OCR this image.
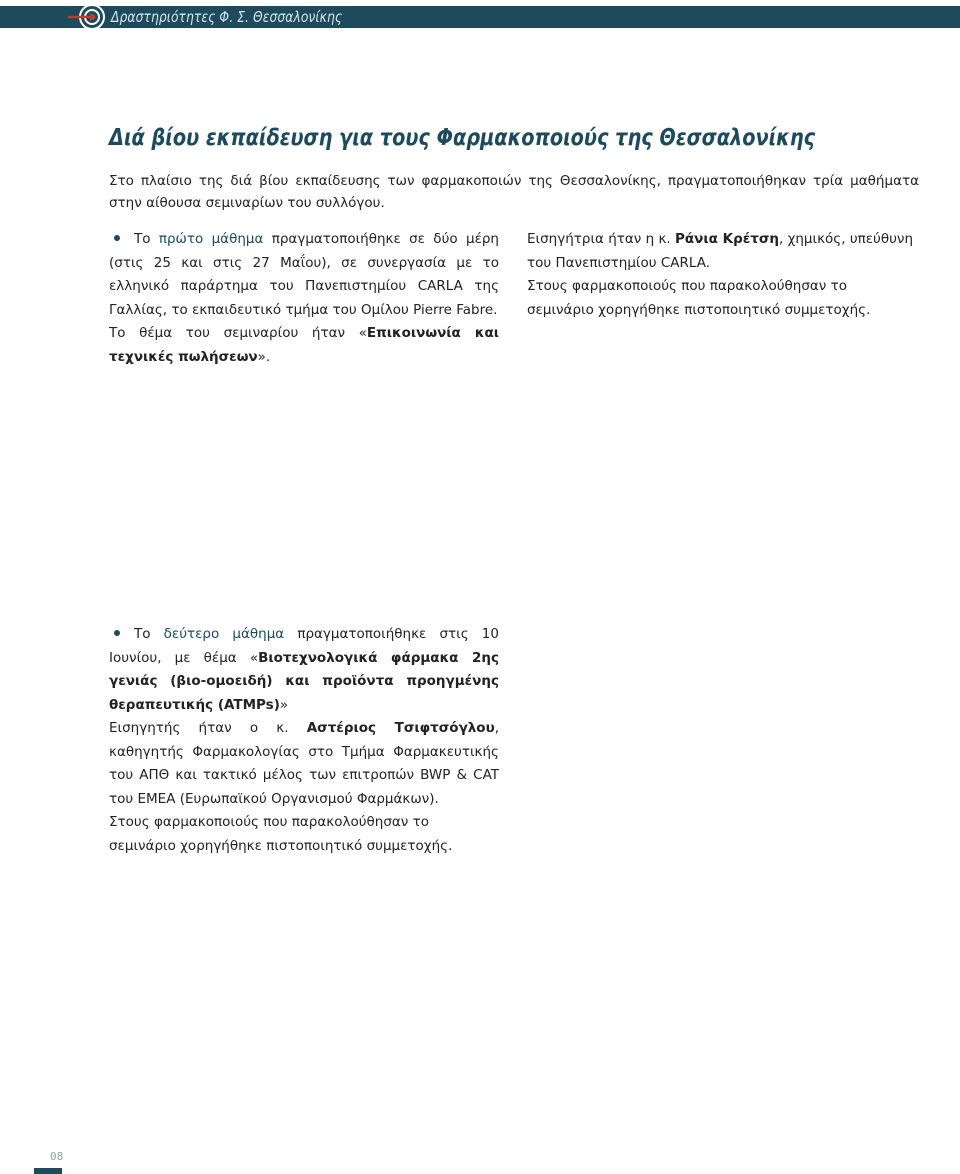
Δραστηριότητες Φ. Σ. Θεσσαλονίκης
Διά βίου εκπαίδευση για τους Φαρμακοποιούς της Θεσσαλονίκης

Στο πλαίσιο της διά βίου εκπαίδευσης των φαρμακοποιών της Θεσσαλονίκης, πραγματοποιήθηκαν τρία μαθήματα στην αίθουσα σεμιναρίων του συλλόγου.

Το πρώτο μάθημα πραγματοποιήθηκε σε δύο μέρη (στις 25 και στις 27 Μαΐου), σε συνεργασία με το ελληνικό παράρτημα του Πανεπιστημίου CARLA της Γαλλίας, το εκπαιδευτικό τμήμα του Ομίλου Pierre Fabre.

Το θέμα του σεμιναρίου ήταν «Επικοινωνία και τεχνικές πωλήσεων».

Εισηγήτρια ήταν η κ. Ράνια Κρέτση, χημικός, υπεύθυνη του Πανεπιστημίου CARLA.

Στους φαρμακοποιούς που παρακολούθησαν το σεμινάριο χορηγήθηκε πιστοποιητικό συμμετοχής.

Το δεύτερο μάθημα πραγματοποιήθηκε στις 10 Ιουνίου, με θέμα «Βιοτεχνολογικά φάρμακα 2ης γενιάς (βιο-ομοειδή) και προϊόντα προηγμένης θεραπευτικής (ATMPs)»

Εισηγητής ήταν ο κ. Αστέριος Τσιφτσόγλου, καθηγητής Φαρμακολογίας στο Τμήμα Φαρμακευτικής του ΑΠΘ και τακτικό μέλος των επιτροπών BWP & CAT του EMEA (Ευρωπαϊκού Οργανισμού Φαρμάκων).

Στους φαρμακοποιούς που παρακολούθησαν το σεμινάριο χορηγήθηκε πιστοποιητικό συμμετοχής.

08
